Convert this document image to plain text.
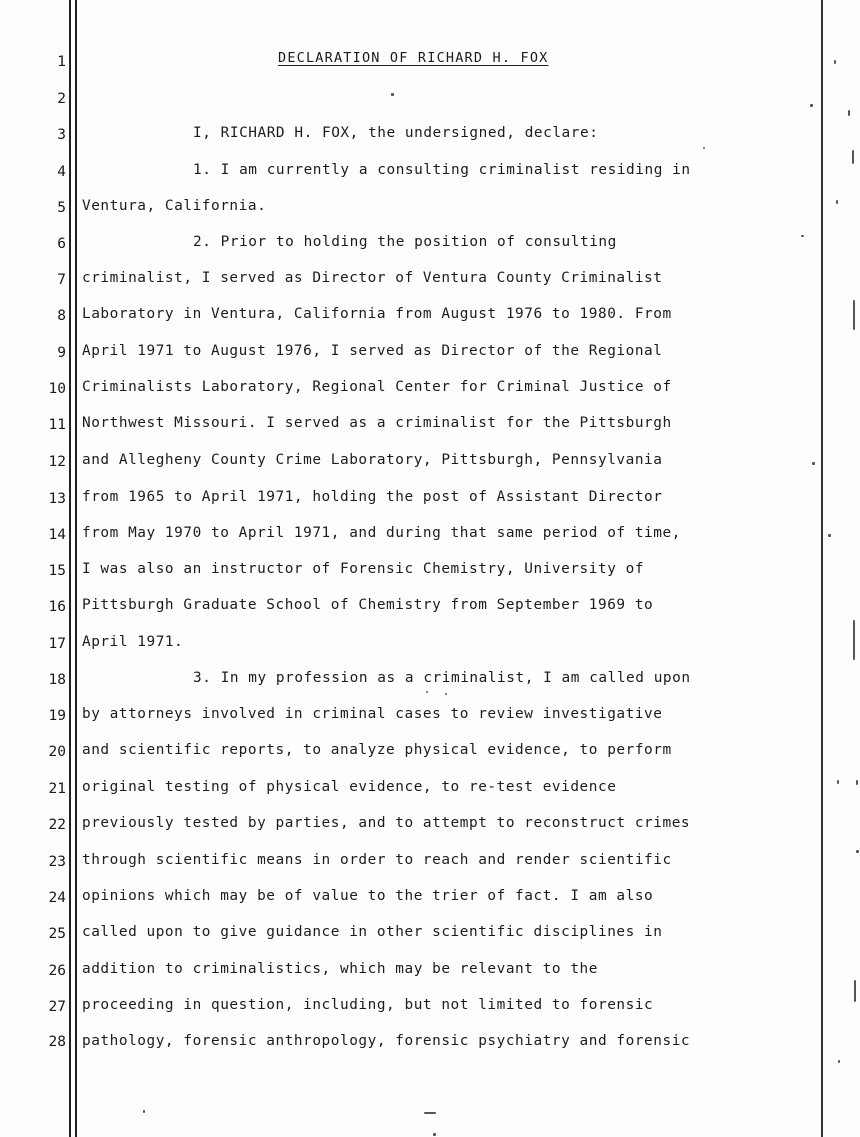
1
2
3
4
5
6
7
8
9
10
11
12
13
14
15
16
17
18
19
20
21
22
23
24
25
26
27
28
DECLARATION OF RICHARD H. FOX
I, RICHARD H. FOX, the undersigned, declare:
1. I am currently a consulting criminalist residing in
Ventura, California.
2. Prior to holding the position of consulting
criminalist, I served as Director of Ventura County Criminalist
Laboratory in Ventura, California from August 1976 to 1980. From
April 1971 to August 1976, I served as Director of the Regional
Criminalists Laboratory, Regional Center for Criminal Justice of
Northwest Missouri. I served as a criminalist for the Pittsburgh
and Allegheny County Crime Laboratory, Pittsburgh, Pennsylvania
from 1965 to April 1971, holding the post of Assistant Director
from May 1970 to April 1971, and during that same period of time,
I was also an instructor of Forensic Chemistry, University of
Pittsburgh Graduate School of Chemistry from September 1969 to
April 1971.
3. In my profession as a criminalist, I am called upon
by attorneys involved in criminal cases to review investigative
and scientific reports, to analyze physical evidence, to perform
original testing of physical evidence, to re-test evidence
previously tested by parties, and to attempt to reconstruct crimes
through scientific means in order to reach and render scientific
opinions which may be of value to the trier of fact. I am also
called upon to give guidance in other scientific disciplines in
addition to criminalistics, which may be relevant to the
proceeding in question, including, but not limited to forensic
pathology, forensic anthropology, forensic psychiatry and forensic
